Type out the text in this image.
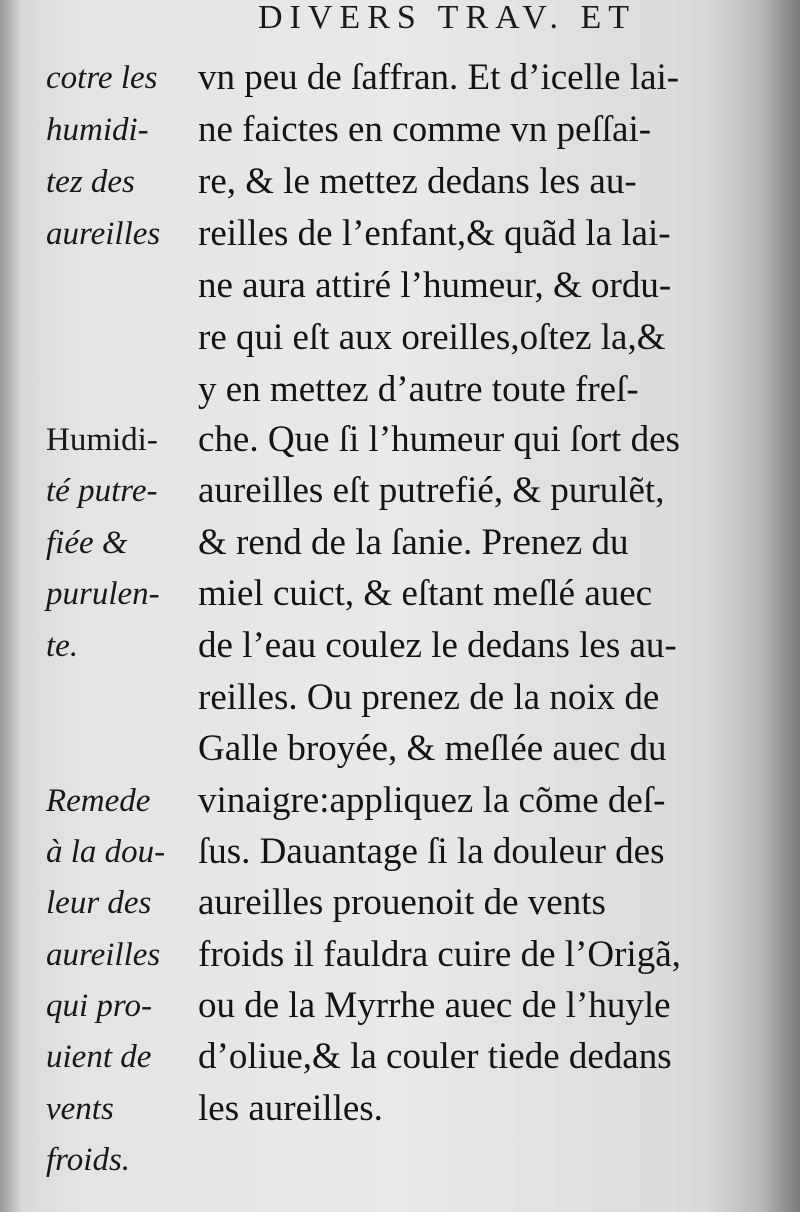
DIVERS TRAV. ET
vn peu de ſaffran. Et d’icelle lai-
ne faictes en comme vn peſſai-
re, & le mettez dedans les au-
reilles de l’enfant,& quãd la lai-
ne aura attiré l’humeur, & ordu-
re qui eſt aux oreilles,oſtez la,&
y en mettez d’autre toute freſ-
che. Que ſi l’humeur qui ſort des
aureilles eſt putrefié, & purulẽt,
& rend de la ſanie. Prenez du
miel cuict, & eſtant meſlé auec
de l’eau coulez le dedans les au-
reilles. Ou prenez de la noix de
Galle broyée, & meſlée auec du
vinaigre:appliquez la cõme deſ-
ſus. Dauantage ſi la douleur des
aureilles prouenoit de vents
froids il fauldra cuire de l’Origã,
ou de la Myrrhe auec de l’huyle
d’oliue,& la couler tiede dedans
les aureilles.
cotre les
humidi-
tez des
aureilles
Humidi-
té putre-
fiée &
purulen-
te.
Remede
à la dou-
leur des
aureilles
qui pro-
uient de
vents
froids.
